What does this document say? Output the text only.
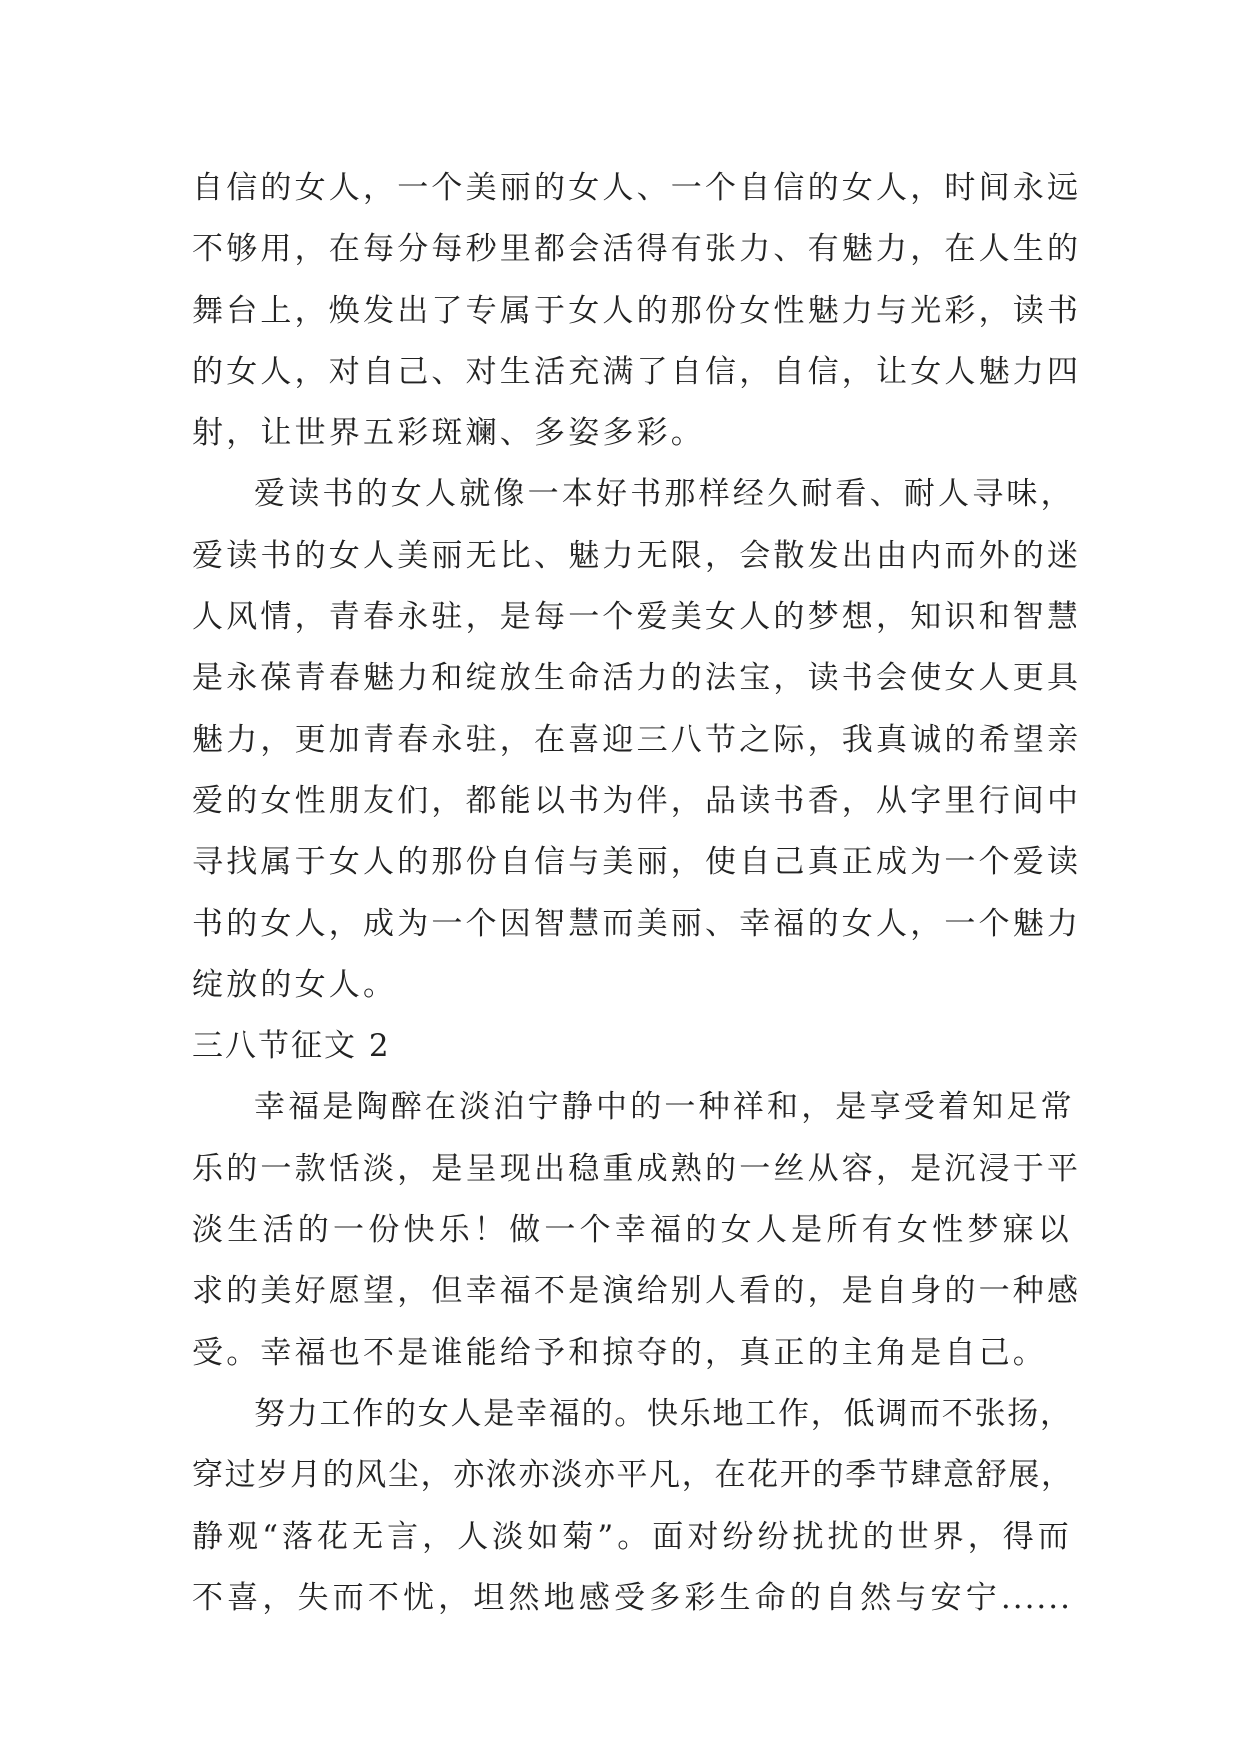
自信的女人，一个美丽的女人、一个自信的女人，时间永远
不够用，在每分每秒里都会活得有张力、有魅力，在人生的
舞台上，焕发出了专属于女人的那份女性魅力与光彩，读书
的女人，对自己、对生活充满了自信，自信，让女人魅力四
射，让世界五彩斑斓、多姿多彩。
爱读书的女人就像一本好书那样经久耐看、耐人寻味，
爱读书的女人美丽无比、魅力无限，会散发出由内而外的迷
人风情，青春永驻，是每一个爱美女人的梦想，知识和智慧
是永葆青春魅力和绽放生命活力的法宝，读书会使女人更具
魅力，更加青春永驻，在喜迎三八节之际，我真诚的希望亲
爱的女性朋友们，都能以书为伴，品读书香，从字里行间中
寻找属于女人的那份自信与美丽，使自己真正成为一个爱读
书的女人，成为一个因智慧而美丽、幸福的女人，一个魅力
绽放的女人。
三八节征文 2
幸福是陶醉在淡泊宁静中的一种祥和，是享受着知足常
乐的一款恬淡，是呈现出稳重成熟的一丝从容，是沉浸于平
淡生活的一份快乐！做一个幸福的女人是所有女性梦寐以
求的美好愿望，但幸福不是演给别人看的，是自身的一种感
受。幸福也不是谁能给予和掠夺的，真正的主角是自己。
努力工作的女人是幸福的。快乐地工作，低调而不张扬，
穿过岁月的风尘，亦浓亦淡亦平凡，在花开的季节肆意舒展，
静观“落花无言，人淡如菊”。面对纷纷扰扰的世界，得而
不喜，失而不忧，坦然地感受多彩生命的自然与安宁......
